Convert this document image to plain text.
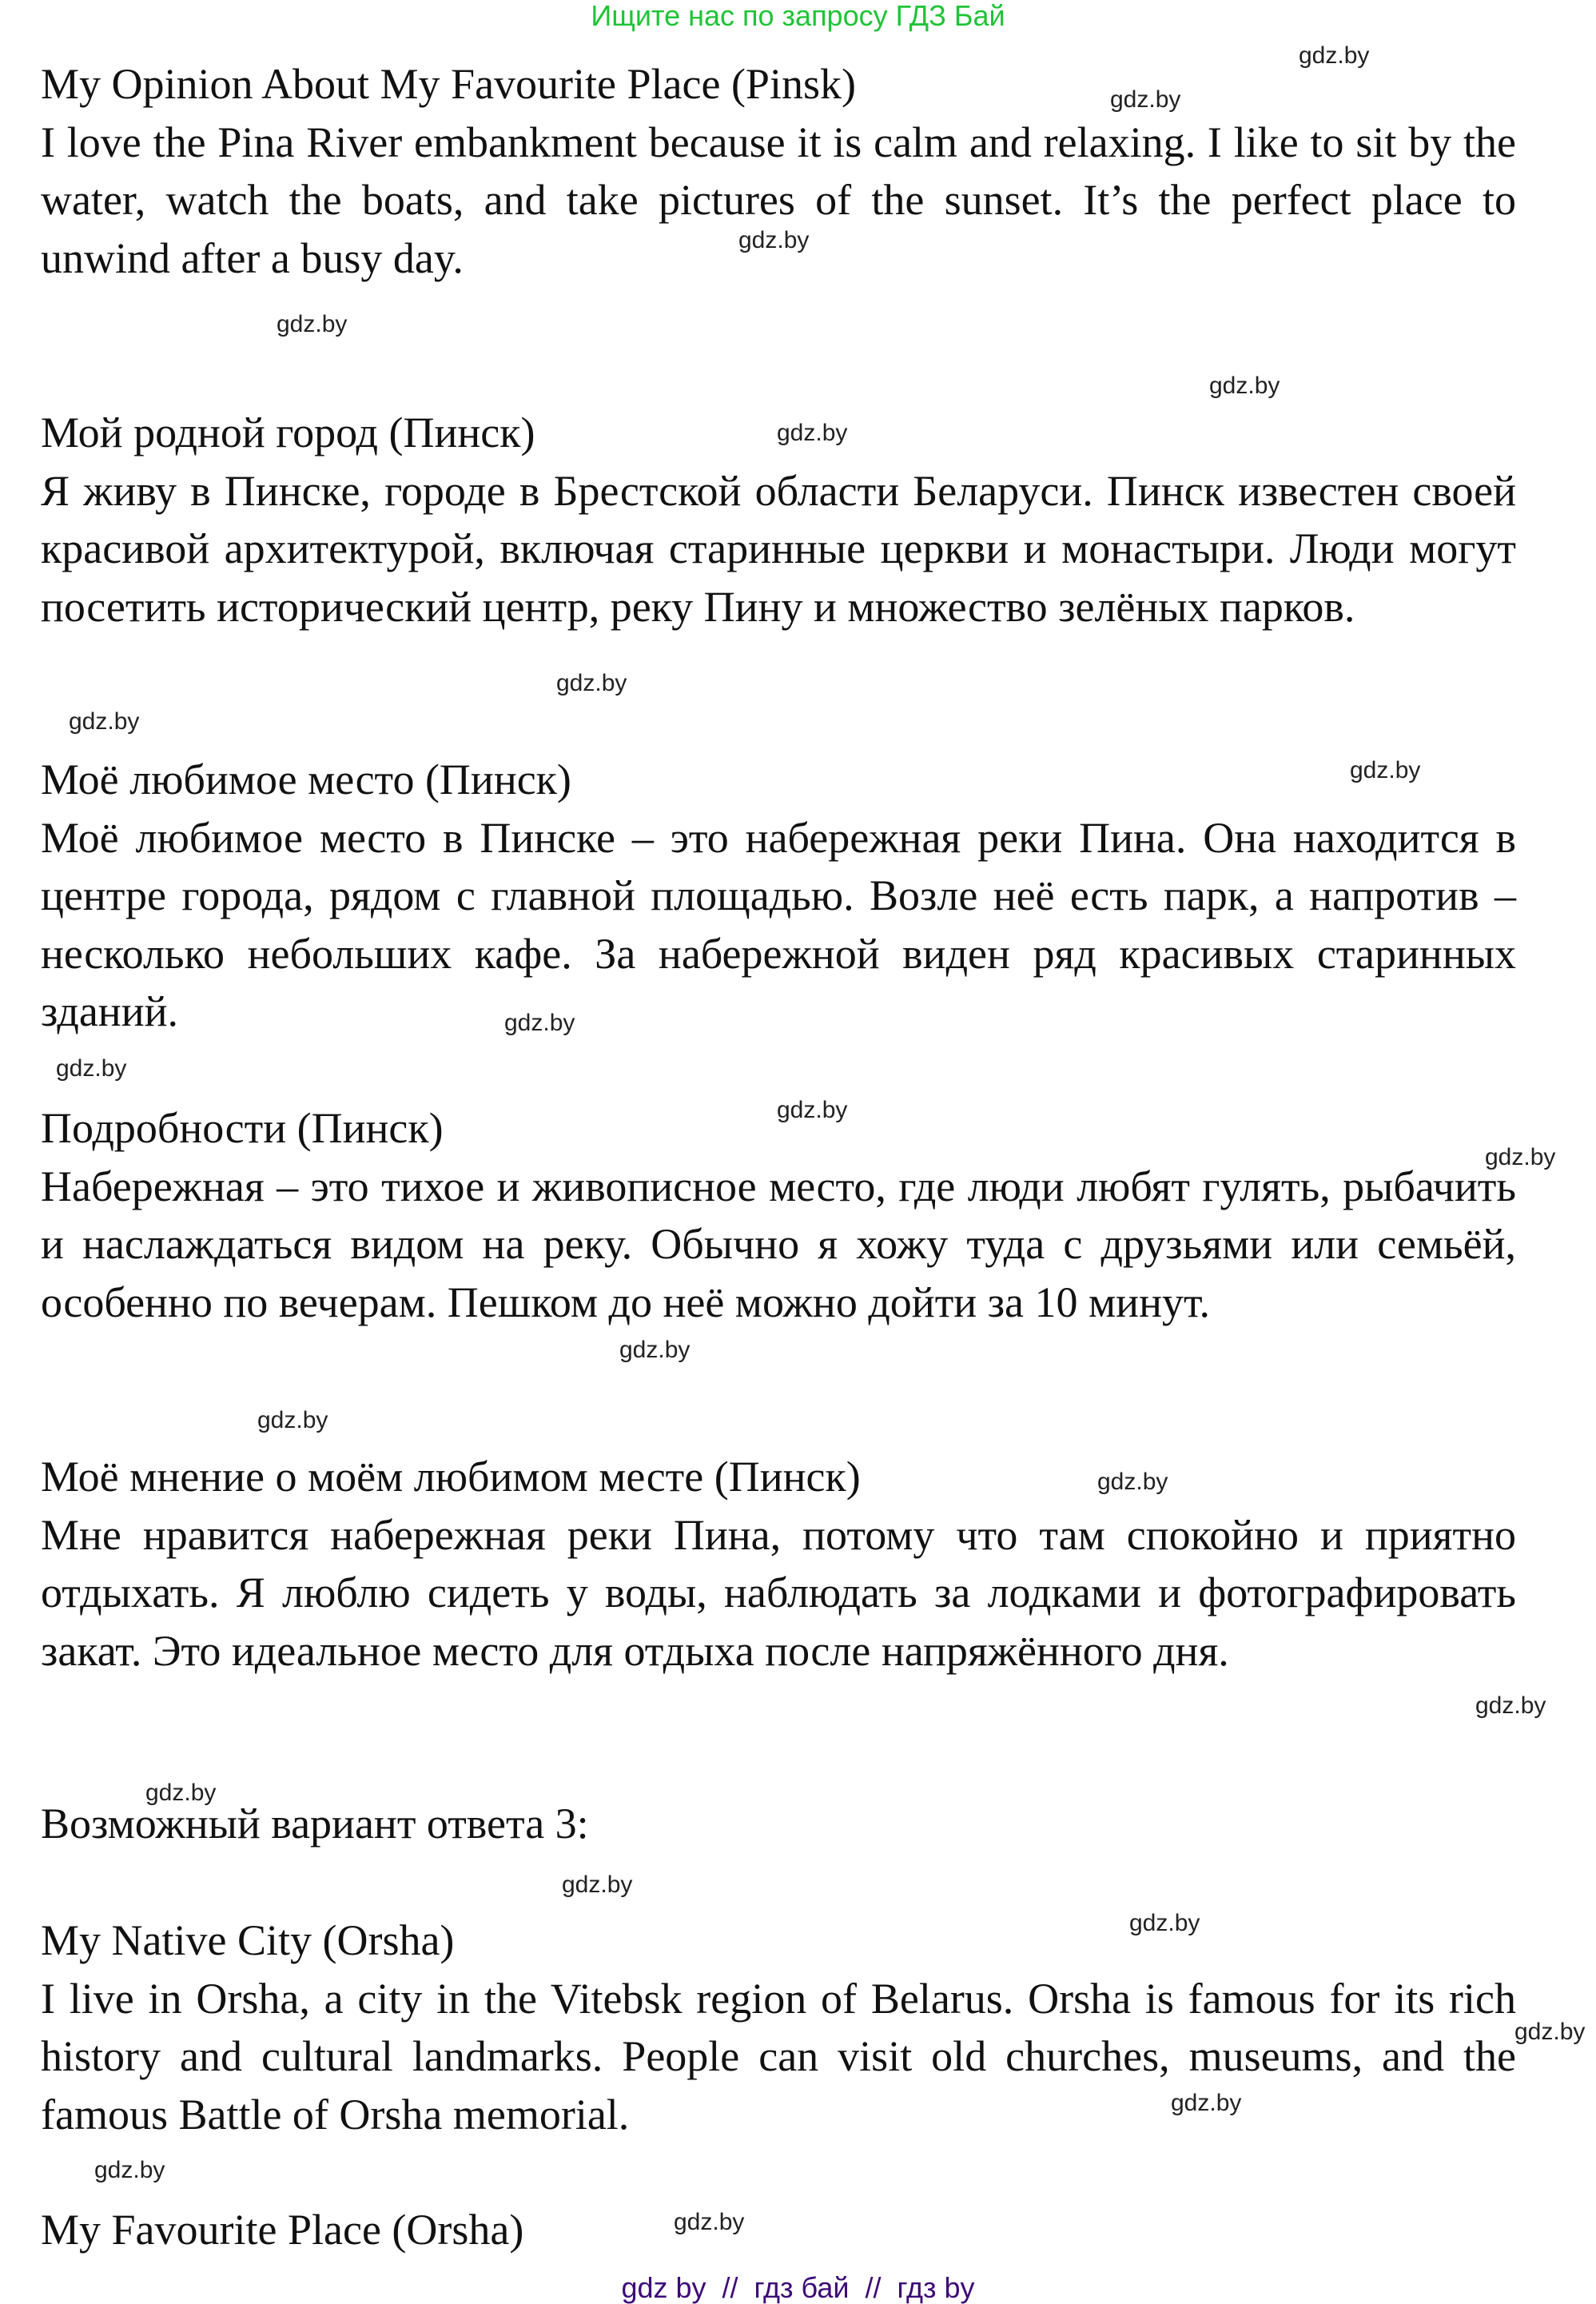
Ищите нас по запросу ГДЗ Бай
My Opinion About My Favourite Place (Pinsk)
I love the Pina River embankment because it is calm and relaxing. I like to sit by the water, watch the boats, and take pictures of the sunset. It’s the perfect place to unwind after a busy day.
Мой родной город (Пинск)
Я живу в Пинске, городе в Брестской области Беларуси. Пинск известен своей красивой архитектурой, включая старинные церкви и монастыри. Люди могут посетить исторический центр, реку Пину и множество зелёных парков.
Моё любимое место (Пинск)
Моё любимое место в Пинске – это набережная реки Пина. Она находится в центре города, рядом с главной площадью. Возле неё есть парк, а напротив – несколько небольших кафе. За набережной виден ряд красивых старинных зданий.
Подробности (Пинск)
Набережная – это тихое и живописное место, где люди любят гулять, рыбачить и наслаждаться видом на реку. Обычно я хожу туда с друзьями или семьёй, особенно по вечерам. Пешком до неё можно дойти за 10 минут.
Моё мнение о моём любимом месте (Пинск)
Мне нравится набережная реки Пина, потому что там спокойно и приятно отдыхать. Я люблю сидеть у воды, наблюдать за лодками и фотографировать закат. Это идеальное место для отдыха после напряжённого дня.
Возможный вариант ответа 3:
My Native City (Orsha)
I live in Orsha, a city in the Vitebsk region of Belarus. Orsha is famous for its rich history and cultural landmarks. People can visit old churches, museums, and the famous Battle of Orsha memorial.
My Favourite Place (Orsha)
gdz.by
gdz.by
gdz.by
gdz.by
gdz.by
gdz.by
gdz.by
gdz.by
gdz.by
gdz.by
gdz.by
gdz.by
gdz.by
gdz.by
gdz.by
gdz.by
gdz.by
gdz.by
gdz.by
gdz.by
gdz.by
gdz.by
gdz.by
gdz.by
gdz by  //  гдз бай  //  гдз by
